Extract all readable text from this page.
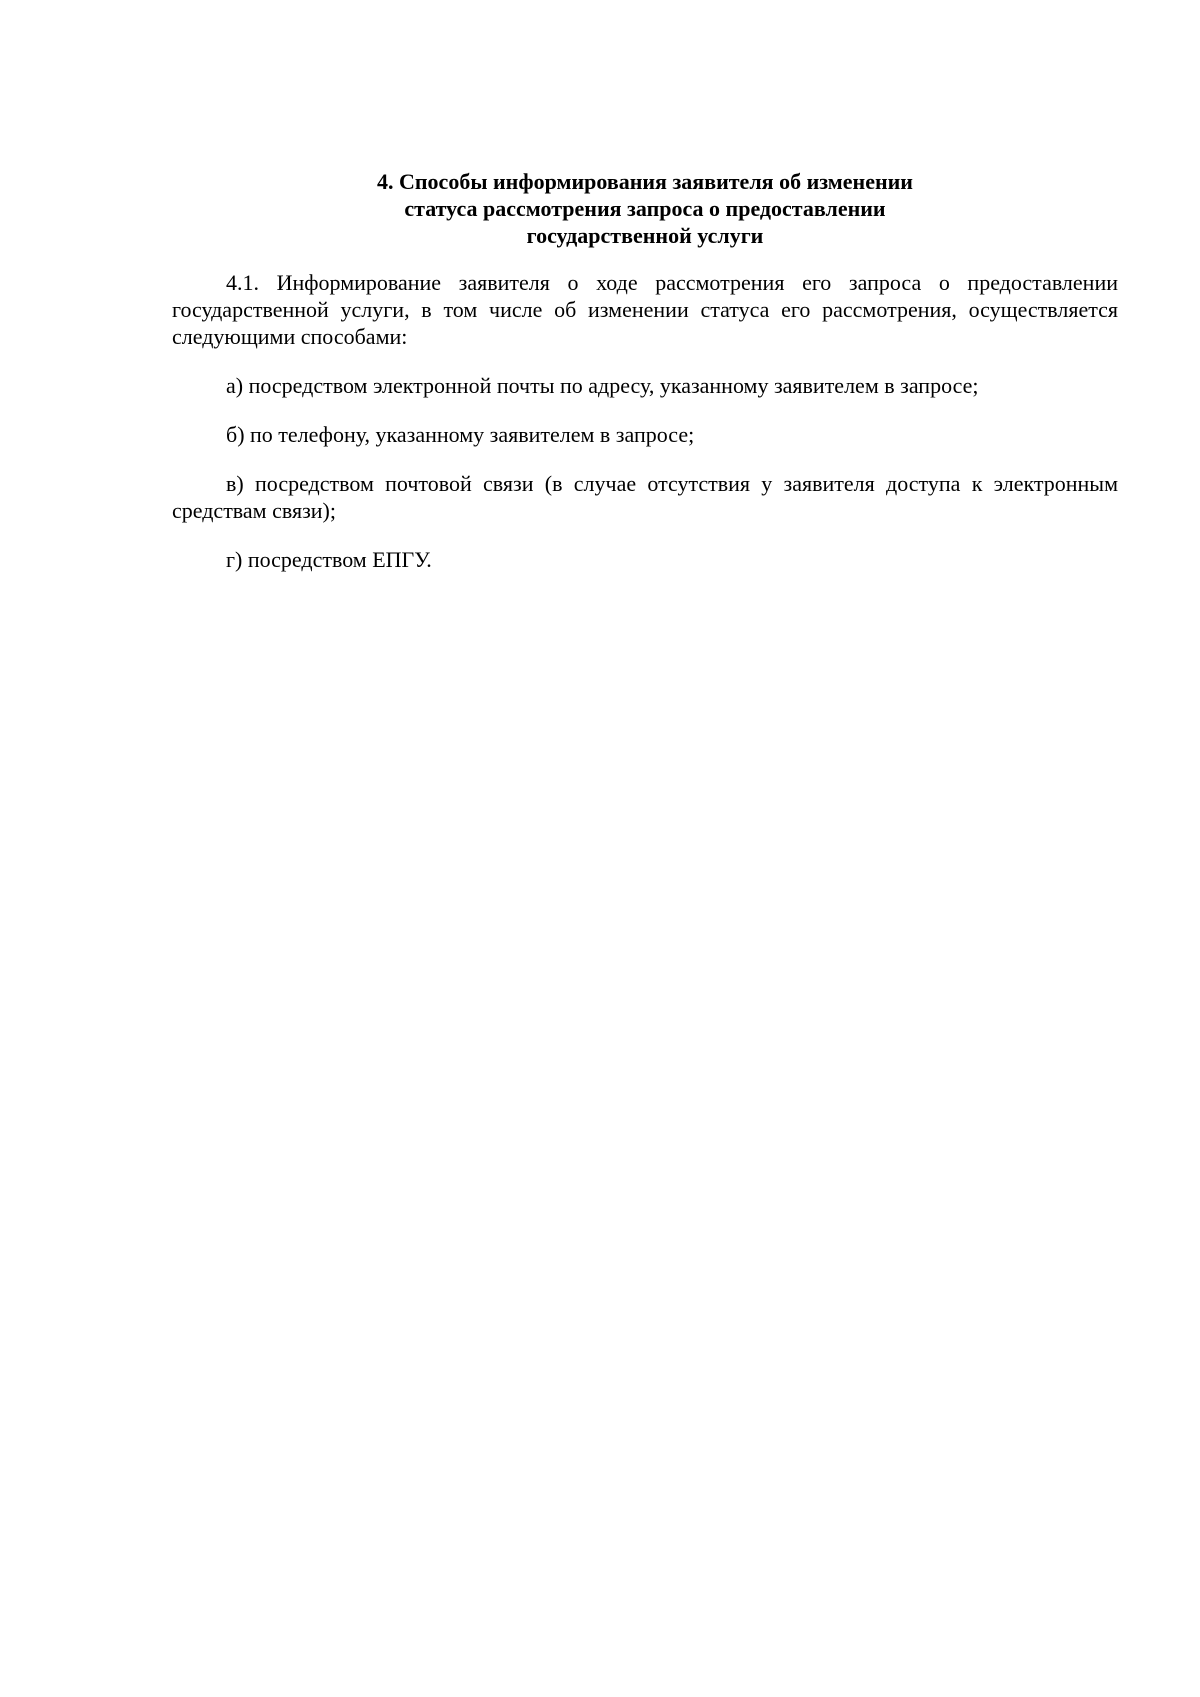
4. Способы информирования заявителя об изменении
статуса рассмотрения запроса о предоставлении
государственной услуги

4.1. Информирование заявителя о ходе рассмотрения его запроса о предоставлении государственной услуги, в том числе об изменении статуса его рассмотрения, осуществляется следующими способами:

а) посредством электронной почты по адресу, указанному заявителем в запросе;

б) по телефону, указанному заявителем в запросе;

в) посредством почтовой связи (в случае отсутствия у заявителя доступа к электронным средствам связи);

г) посредством ЕПГУ.
